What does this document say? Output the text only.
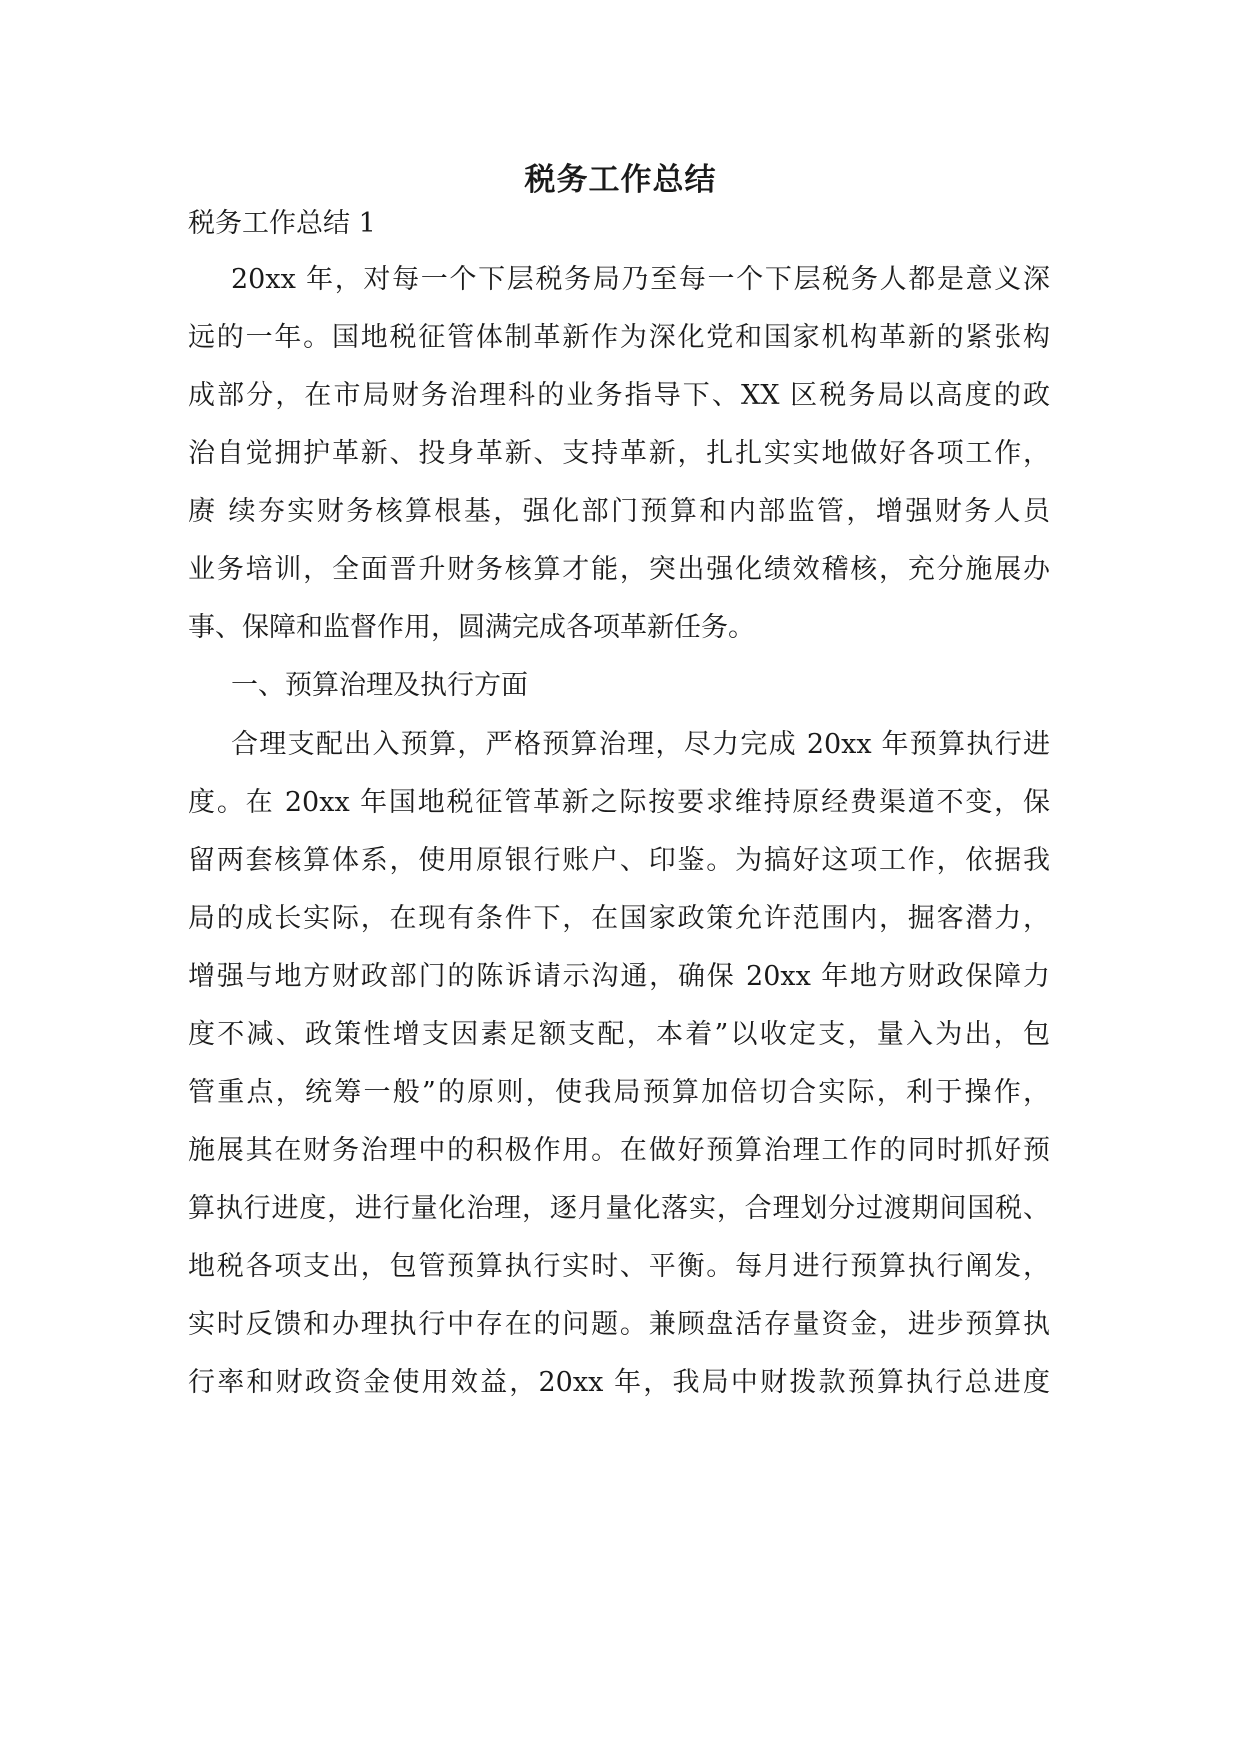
税务工作总结
税务工作总结 1
20xx 年，对每一个下层税务局乃至每一个下层税务人都是意义深
远的一年。国地税征管体制革新作为深化党和国家机构革新的紧张构
成部分，在市局财务治理科的业务指导下、XX 区税务局以高度的政
治自觉拥护革新、投身革新、支持革新，扎扎实实地做好各项工作，
赓 续夯实财务核算根基，强化部门预算和内部监管，增强财务人员
业务培训，全面晋升财务核算才能，突出强化绩效稽核，充分施展办
事、保障和监督作用，圆满完成各项革新任务。
一、预算治理及执行方面
合理支配出入预算，严格预算治理，尽力完成 20xx 年预算执行进
度。在 20xx 年国地税征管革新之际按要求维持原经费渠道不变，保
留两套核算体系，使用原银行账户、印鉴。为搞好这项工作，依据我
局的成长实际，在现有条件下，在国家政策允许范围内，掘客潜力，
增强与地方财政部门的陈诉请示沟通，确保 20xx 年地方财政保障力
度不减、政策性增支因素足额支配，本着”以收定支，量入为出，包
管重点，统筹一般”的原则，使我局预算加倍切合实际，利于操作，
施展其在财务治理中的积极作用。在做好预算治理工作的同时抓好预
算执行进度，进行量化治理，逐月量化落实，合理划分过渡期间国税、
地税各项支出，包管预算执行实时、平衡。每月进行预算执行阐发，
实时反馈和办理执行中存在的问题。兼顾盘活存量资金，进步预算执
行率和财政资金使用效益，20xx 年，我局中财拨款预算执行总进度
